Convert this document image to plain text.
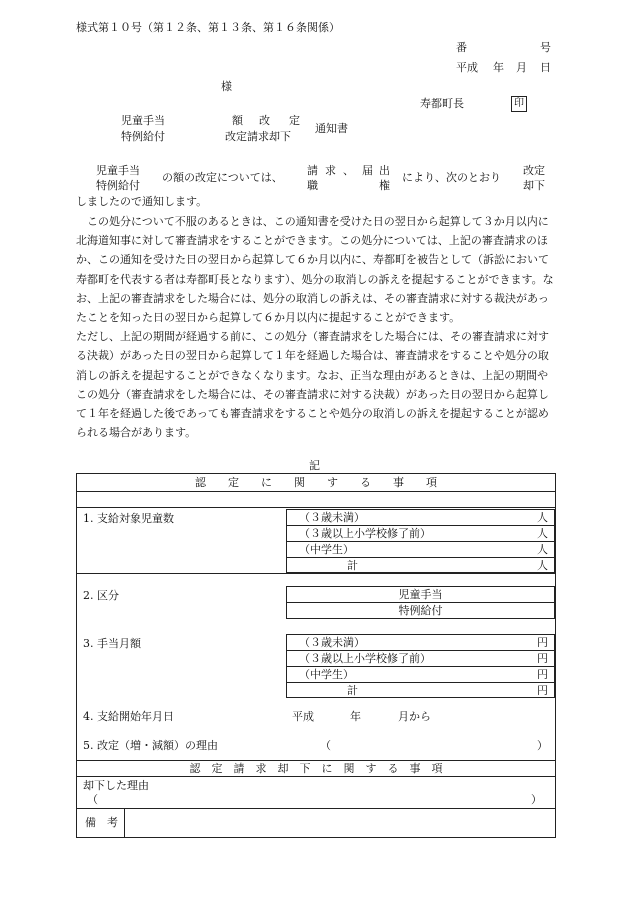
様式第１０号（第１２条、第１３条、第１６条関係）
番	号
平成 年 月 日
様
寿都町長	印
児童手当
特例給付
額 改 定
改定請求却下
通知書
児童手当
特例給付
の額の改定については、
請 求 、 届 出
職	権
により、次のとおり
改定
却下
しましたので通知します。

　この処分について不服のあるときは、この通知書を受けた日の翌日から起算して３か月以内に北海道知事に対して審査請求をすることができます。この処分については、上記の審査請求のほか、この通知を受けた日の翌日から起算して６か月以内に、寿都町を被告として（訴訟において寿都町を代表する者は寿都町長となります）、処分の取消しの訴えを提起することができます。なお、上記の審査請求をした場合には、処分の取消しの訴えは、その審査請求に対する裁決があったことを知った日の翌日から起算して６か月以内に提起することができます。

ただし、上記の期間が経過する前に、この処分（審査請求をした場合には、その審査請求に対する決裁）があった日の翌日から起算して１年を経過した場合は、審査請求をすることや処分の取消しの訴えを提起することができなくなります。なお、正当な理由があるときは、上記の期間やこの処分（審査請求をした場合には、その審査請求に対する決裁）があった日の翌日から起算して１年を経過した後であっても審査請求をすることや処分の取消しの訴えを提起することが認められる場合があります。

記
認　　定　　に　　関　　す　　る　　事　　項
1. 支給対象児童数	（３歳未満）	人
（３歳以上小学校修了前）	人
（中学生）	人
計	人
2. 区分	児童手当
特例給付
3. 手当月額	（３歳未満）	円
（３歳以上小学校修了前）	円
（中学生）	円
計	円
4. 支給開始年月日	平成	年	月から
5. 改定（増・減額）の理由	（	）
認　定　請　求　却　下　に　関　す　る　事　項
却下した理由
（	）
備　考
